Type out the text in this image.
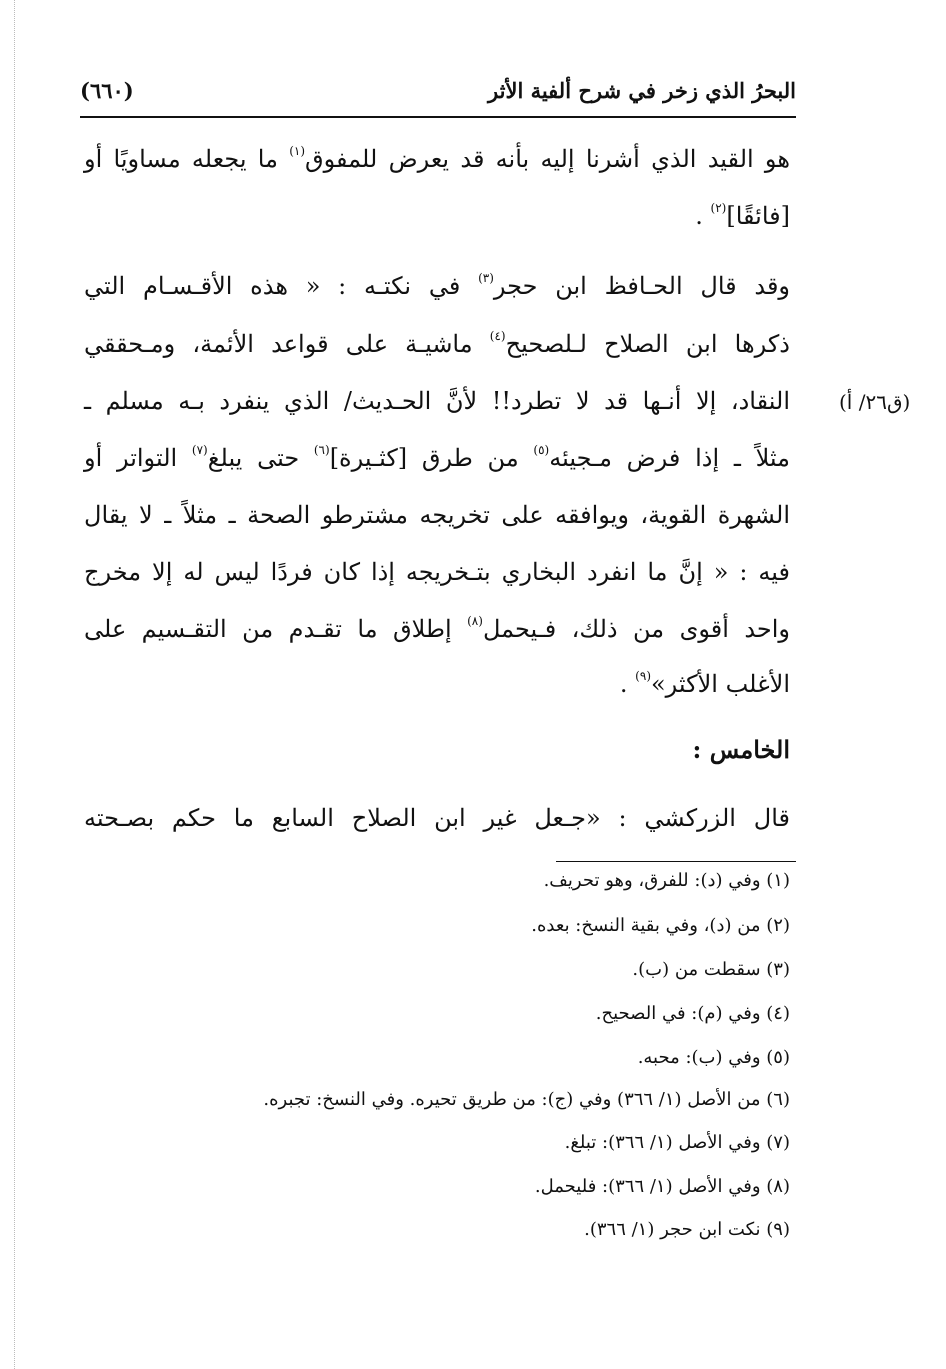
البحرُ الذي زخر في شرح ألفية الأثر
(٦٦٠)
هو القيد الذي أشرنا إليه بأنه قد يعرض للمفوق$^{(١)}$ ما يجعله مساويًا أو
[فائقًا]$^{(٢)}$ .
وقد قال الحـافظ ابن حجر$^{(٣)}$ في نكتـه : « هذه الأقـسـام التي
ذكرها ابن الصلاح لـلصحيح$^{(٤)}$ ماشيـة على قواعد الأئمة، ومـحققي
النقاد، إلا أنـها قد لا تطرد!! لأنَّ الحـديث/ الذي ينفرد بـه مسلم ـ (ق٢٦/ أ)
مثلاً ـ إذا فرض مـجيئه$^{(٥)}$ من طرق [كثـيرة]$^{(٦)}$ حتى يبلغ$^{(٧)}$ التواتر أو
الشهرة القوية، ويوافقه على تخريجه مشترطو الصحة ـ مثلاً ـ لا يقال
فيه : « إنَّ ما انفرد البخاري بتـخريجه إذا كان فردًا ليس له إلا مخرج
واحد أقوى من ذلك، فـيحمل$^{(٨)}$ إطلاق ما تقـدم من التقـسيم على
الأغلب الأكثر»$^{(٩)}$ .
الخامس :
قال الزركشي : «جـعل غير ابن الصلاح السابع ما حكم بصـحته
(١) وفي (د): للفرق، وهو تحريف.
(٢) من (د)، وفي بقية النسخ: بعده.
(٣) سقطت من (ب).
(٤) وفي (م): في الصحيح.
(٥) وفي (ب): محبه.
(٦) من الأصل (١/ ٣٦٦) وفي (ج): من طريق تحيره. وفي النسخ: تجبره.
(٧) وفي الأصل (١/ ٣٦٦): تبلغ.
(٨) وفي الأصل (١/ ٣٦٦): فليحمل.
(٩) نكت ابن حجر (١/ ٣٦٦).
